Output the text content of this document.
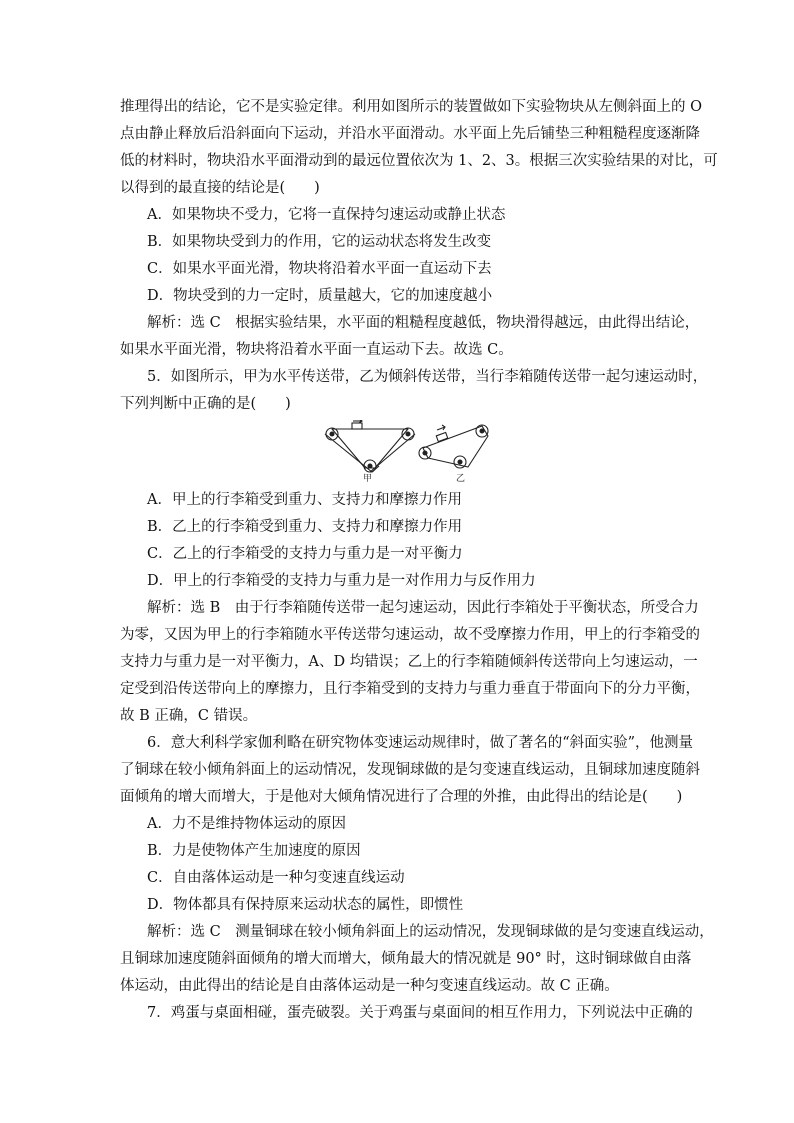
推理得出的结论，它不是实验定律。利用如图所示的装置做如下实验物块从左侧斜面上的 O
点由静止释放后沿斜面向下运动，并沿水平面滑动。水平面上先后铺垫三种粗糙程度逐渐降
低的材料时，物块沿水平面滑动到的最远位置依次为 1、2、3。根据三次实验结果的对比，可
以得到的最直接的结论是(　　)
A．如果物块不受力，它将一直保持匀速运动或静止状态
B．如果物块受到力的作用，它的运动状态将发生改变
C．如果水平面光滑，物块将沿着水平面一直运动下去
D．物块受到的力一定时，质量越大，它的加速度越小
解析：选 C　根据实验结果，水平面的粗糙程度越低，物块滑得越远，由此得出结论，
如果水平面光滑，物块将沿着水平面一直运动下去。故选 C。
5．如图所示，甲为水平传送带，乙为倾斜传送带，当行李箱随传送带一起匀速运动时，
下列判断中正确的是(　　)
甲	乙
A．甲上的行李箱受到重力、支持力和摩擦力作用
B．乙上的行李箱受到重力、支持力和摩擦力作用
C．乙上的行李箱受的支持力与重力是一对平衡力
D．甲上的行李箱受的支持力与重力是一对作用力与反作用力
解析：选 B　由于行李箱随传送带一起匀速运动，因此行李箱处于平衡状态，所受合力
为零，又因为甲上的行李箱随水平传送带匀速运动，故不受摩擦力作用，甲上的行李箱受的
支持力与重力是一对平衡力，A、D 均错误；乙上的行李箱随倾斜传送带向上匀速运动，一
定受到沿传送带向上的摩擦力，且行李箱受到的支持力与重力垂直于带面向下的分力平衡，
故 B 正确，C 错误。
6．意大利科学家伽利略在研究物体变速运动规律时，做了著名的“斜面实验”，他测量
了铜球在较小倾角斜面上的运动情况，发现铜球做的是匀变速直线运动，且铜球加速度随斜
面倾角的增大而增大，于是他对大倾角情况进行了合理的外推，由此得出的结论是(　　)
A．力不是维持物体运动的原因
B．力是使物体产生加速度的原因
C．自由落体运动是一种匀变速直线运动
D．物体都具有保持原来运动状态的属性，即惯性
解析：选 C　测量铜球在较小倾角斜面上的运动情况，发现铜球做的是匀变速直线运动，
且铜球加速度随斜面倾角的增大而增大，倾角最大的情况就是 90° 时，这时铜球做自由落
体运动，由此得出的结论是自由落体运动是一种匀变速直线运动。故 C 正确。
7．鸡蛋与桌面相碰，蛋壳破裂。关于鸡蛋与桌面间的相互作用力，下列说法中正确的
